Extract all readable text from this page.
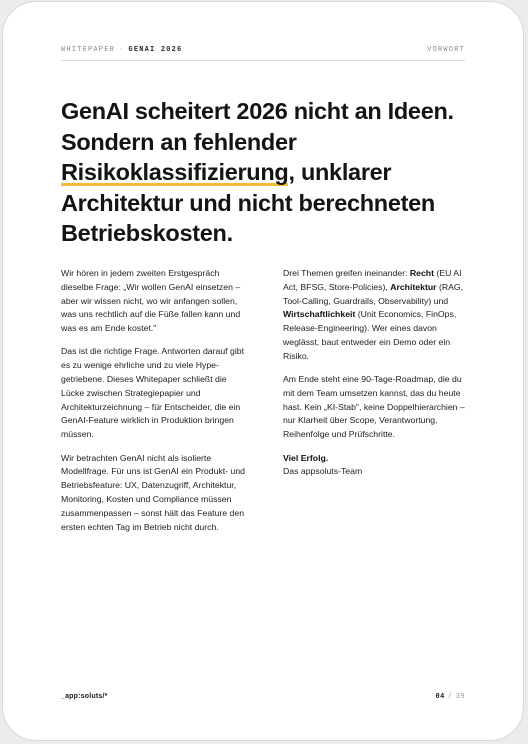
WHITEPAPER · GENAI 2026	VORWORT
GenAI scheitert 2026 nicht an Ideen. Sondern an fehlender Risikoklassifizierung, unklarer Architektur und nicht berechneten Betriebskosten.

Wir hören in jedem zweiten Erstgespräch dieselbe Frage: „Wir wollen GenAI einsetzen – aber wir wissen nicht, wo wir anfangen sollen, was uns rechtlich auf die Füße fallen kann und was es am Ende kostet."

Das ist die richtige Frage. Antworten darauf gibt es zu wenige ehrliche und zu viele Hype-getriebene. Dieses Whitepaper schließt die Lücke zwischen Strategiepapier und Architekturzeichnung – für Entscheider, die ein GenAI-Feature wirklich in Produktion bringen müssen.

Wir betrachten GenAI nicht als isolierte Modellfrage. Für uns ist GenAI ein Produkt- und Betriebsfeature: UX, Datenzugriff, Architektur, Monitoring, Kosten und Compliance müssen zusammenpassen – sonst hält das Feature den ersten echten Tag im Betrieb nicht durch.

Drei Themen greifen ineinander: Recht (EU AI Act, BFSG, Store-Policies), Architektur (RAG, Tool-Calling, Guardrails, Observability) und Wirtschaftlichkeit (Unit Economics, FinOps, Release-Engineering). Wer eines davon weglässt, baut entweder ein Demo oder ein Risiko.

Am Ende steht eine 90-Tage-Roadmap, die du mit dem Team umsetzen kannst, das du heute hast. Kein „KI-Stab", keine Doppelhierarchien – nur Klarheit über Scope, Verantwortung, Reihenfolge und Prüfschritte.

Viel Erfolg.
Das appsoluts-Team

_app:soluts/*	04 / 39
